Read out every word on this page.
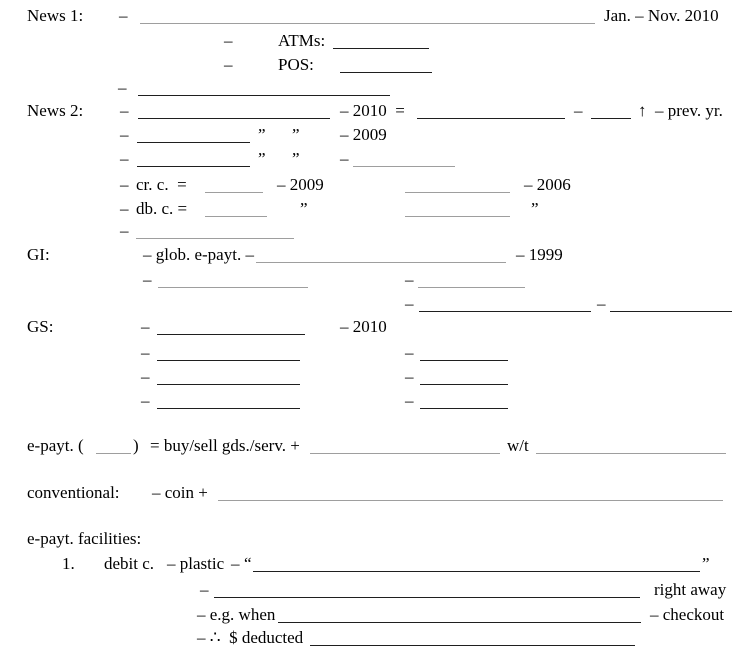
News 1: –	Jan. – Nov. 2010
–	ATMs:
–	POS:
–
News 2: –	– 2010  =	–	↑ – prev. yr.
–	” ” – 2009
–	” ” –
– cr. c.  =	– 2009	– 2006
– db. c. =	”	”
–
GI:	– glob. e-payt. –	– 1999
–	–
–	–
GS:	–	– 2010
–	–
–	–
–	–
e-payt. (	) = buy/sell gds./serv. +	w/t
conventional: – coin +
e-payt. facilities:
1. debit c. – plastic – “	”
–	right away
– e.g. when	– checkout
– ∴  $ deducted
